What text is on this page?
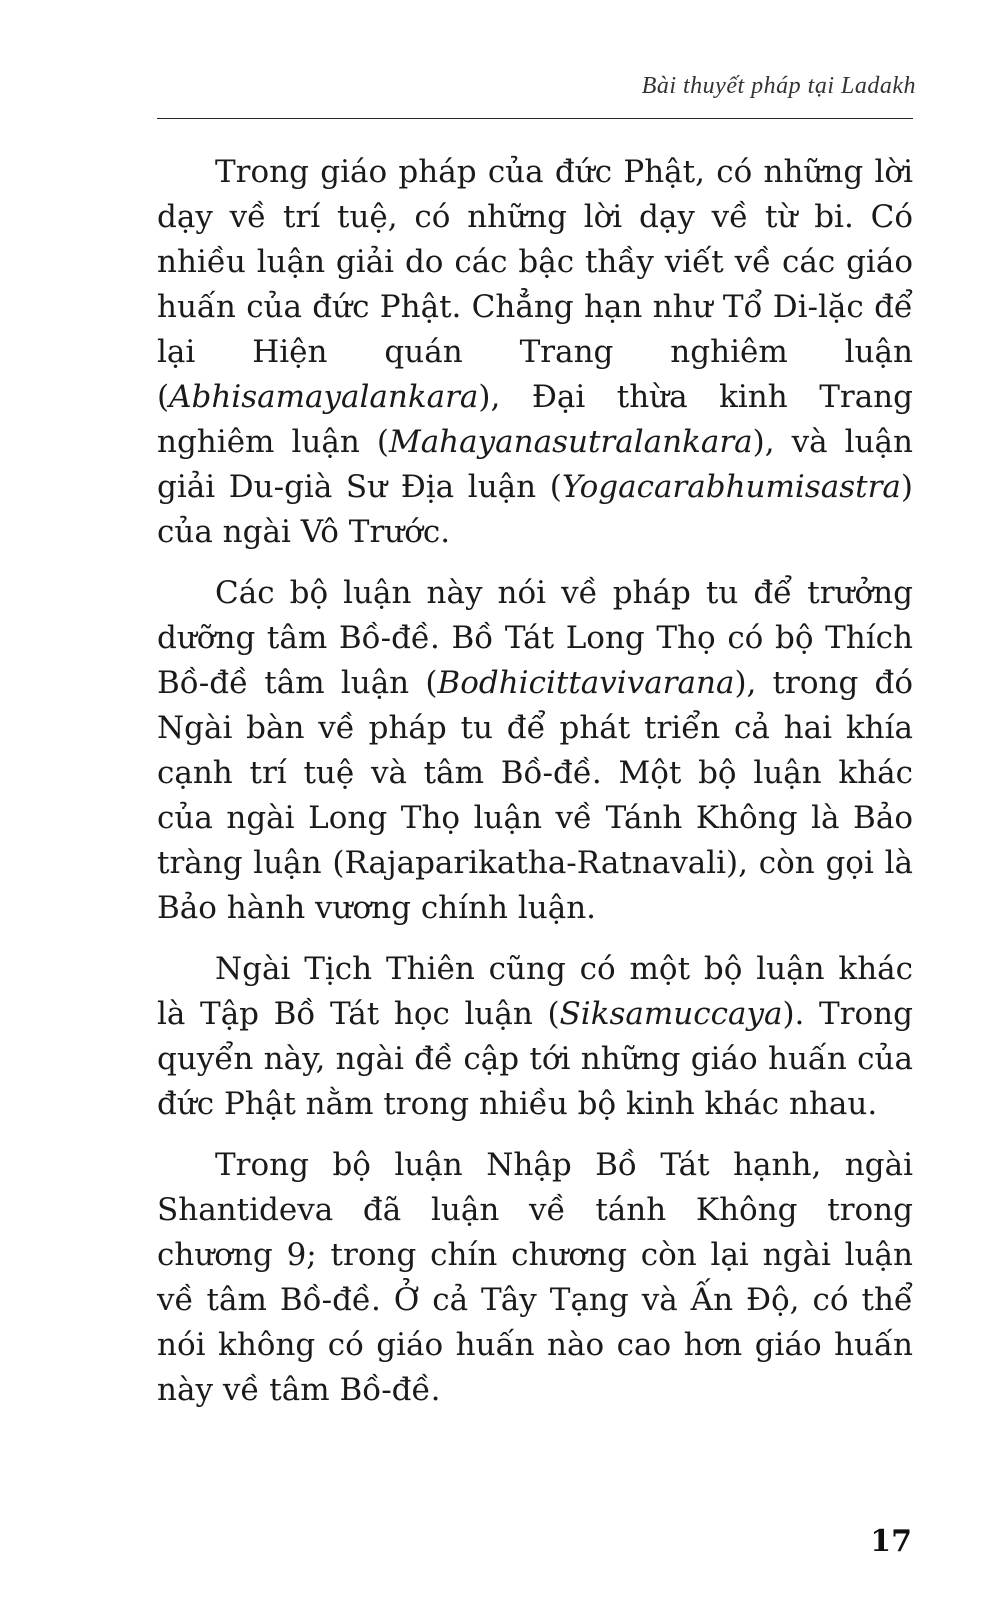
Bài thuyết pháp tại Ladakh

Trong giáo pháp của đức Phật, có những lời dạy về trí tuệ, có những lời dạy về từ bi. Có nhiều luận giải do các bậc thầy viết về các giáo huấn của đức Phật. Chẳng hạn như Tổ Di-lặc để lại Hiện quán Trang nghiêm luận (Abhisamayalankara), Đại thừa kinh Trang nghiêm luận (Mahayanasutralankara), và luận giải Du-già Sư Địa luận (Yogacarabhumisastra) của ngài Vô Trước.

Các bộ luận này nói về pháp tu để trưởng dưỡng tâm Bồ-đề. Bồ Tát Long Thọ có bộ Thích Bồ-đề tâm luận (Bodhicittavivarana), trong đó Ngài bàn về pháp tu để phát triển cả hai khía cạnh trí tuệ và tâm Bồ-đề. Một bộ luận khác của ngài Long Thọ luận về Tánh Không là Bảo tràng luận (Rajaparikatha-Ratnavali), còn gọi là Bảo hành vương chính luận.

Ngài Tịch Thiên cũng có một bộ luận khác là Tập Bồ Tát học luận (Siksamuccaya). Trong quyển này, ngài đề cập tới những giáo huấn của đức Phật nằm trong nhiều bộ kinh khác nhau.

Trong bộ luận Nhập Bồ Tát hạnh, ngài Shantideva đã luận về tánh Không trong chương 9; trong chín chương còn lại ngài luận về tâm Bồ-đề. Ở cả Tây Tạng và Ấn Độ, có thể nói không có giáo huấn nào cao hơn giáo huấn này về tâm Bồ-đề.

17
